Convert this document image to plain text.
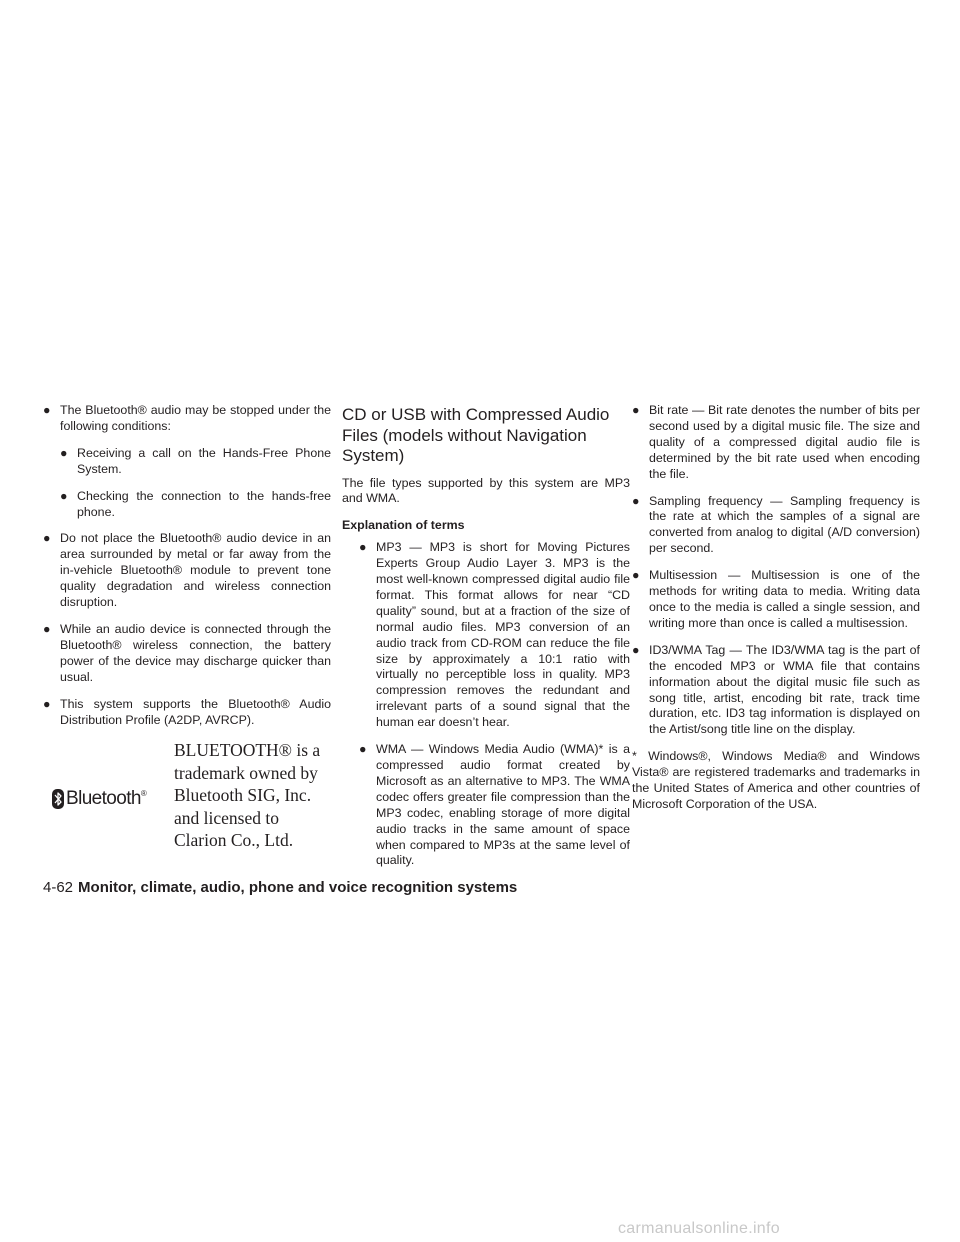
● The Bluetooth® audio may be stopped under the following conditions:
● Receiving a call on the Hands-Free Phone System.
● Checking the connection to the hands-free phone.
● Do not place the Bluetooth® audio device in an area surrounded by metal or far away from the in-vehicle Bluetooth® module to prevent tone quality degradation and wireless connection disruption.
● While an audio device is connected through the Bluetooth® wireless connection, the battery power of the device may discharge quicker than usual.
● This system supports the Bluetooth® Audio Distribution Profile (A2DP, AVRCP).
Bluetooth ®
BLUETOOTH® is a
trademark owned by
Bluetooth SIG, Inc.
and licensed to
Clarion Co., Ltd.
CD or USB with Compressed Audio Files (models without Navigation System)

The file types supported by this system are MP3 and WMA.

Explanation of terms

● MP3 — MP3 is short for Moving Pictures Experts Group Audio Layer 3. MP3 is the most well-known compressed digital audio file format. This format allows for near “CD quality” sound, but at a fraction of the size of normal audio files. MP3 conversion of an audio track from CD-ROM can reduce the file size by approximately a 10:1 ratio with virtually no perceptible loss in quality. MP3 compression removes the redundant and irrelevant parts of a sound signal that the human ear doesn’t hear.
● WMA — Windows Media Audio (WMA)* is a compressed audio format created by Microsoft as an alternative to MP3. The WMA codec offers greater file compression than the MP3 codec, enabling storage of more digital audio tracks in the same amount of space when compared to MP3s at the same level of quality.
● Bit rate — Bit rate denotes the number of bits per second used by a digital music file. The size and quality of a compressed digital audio file is determined by the bit rate used when encoding the file.
● Sampling frequency — Sampling frequency is the rate at which the samples of a signal are converted from analog to digital (A/D conversion) per second.
● Multisession — Multisession is one of the methods for writing data to media. Writing data once to the media is called a single session, and writing more than once is called a multisession.
● ID3/WMA Tag — The ID3/WMA tag is the part of the encoded MP3 or WMA file that contains information about the digital music file such as song title, artist, encoding bit rate, track time duration, etc. ID3 tag information is displayed on the Artist/song title line on the display.

* Windows®, Windows Media® and Windows Vista® are registered trademarks and trademarks in the United States of America and other countries of Microsoft Corporation of the USA.

4-62 Monitor, climate, audio, phone and voice recognition systems
carmanualsonline.info
